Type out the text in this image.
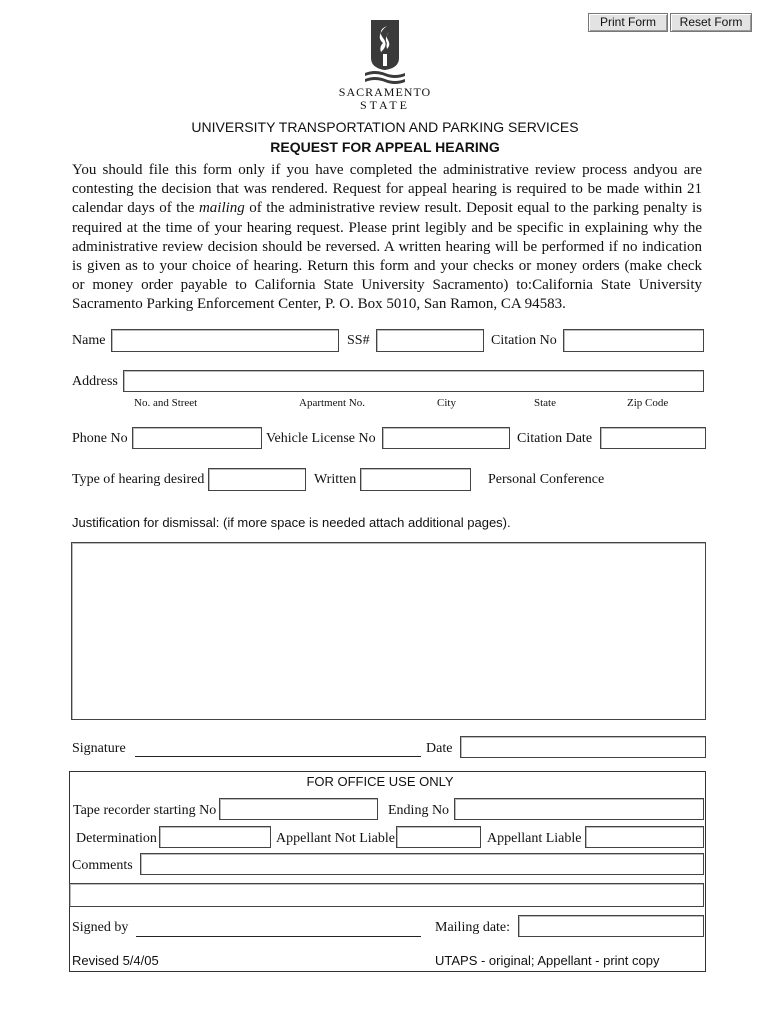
Print Form	Reset Form
SACRAMENTO
STATE
UNIVERSITY TRANSPORTATION AND PARKING SERVICES
REQUEST FOR APPEAL HEARING
You should file this form only if you have completed the administrative review process andyou are
contesting the decision that was rendered. Request for appeal hearing is required to be made within 21
calendar days of the mailing of the administrative review result. Deposit equal to the parking penalty is
required at the time of your hearing request. Please print legibly and be specific in explaining why the
administrative review decision should be reversed. A written hearing will be performed if no indication
is given as to your choice of hearing. Return this form and your checks or money orders (make check
or money order payable to California State University Sacramento) to:California State University
Sacramento Parking Enforcement Center, P. O. Box 5010, San Ramon, CA 94583.
Name	SS#	Citation No
Address
No. and Street	Apartment No.	City	State	Zip Code
Phone No	Vehicle License No	Citation Date
Type of hearing desired	Written	Personal Conference
Justification for dismissal: (if more space is needed attach additional pages).
Signature	Date
FOR OFFICE USE ONLY
Tape recorder starting No	Ending No
Determination	Appellant Not Liable	Appellant Liable
Comments
Signed by	Mailing date:
Revised 5/4/05	UTAPS - original; Appellant - print copy
